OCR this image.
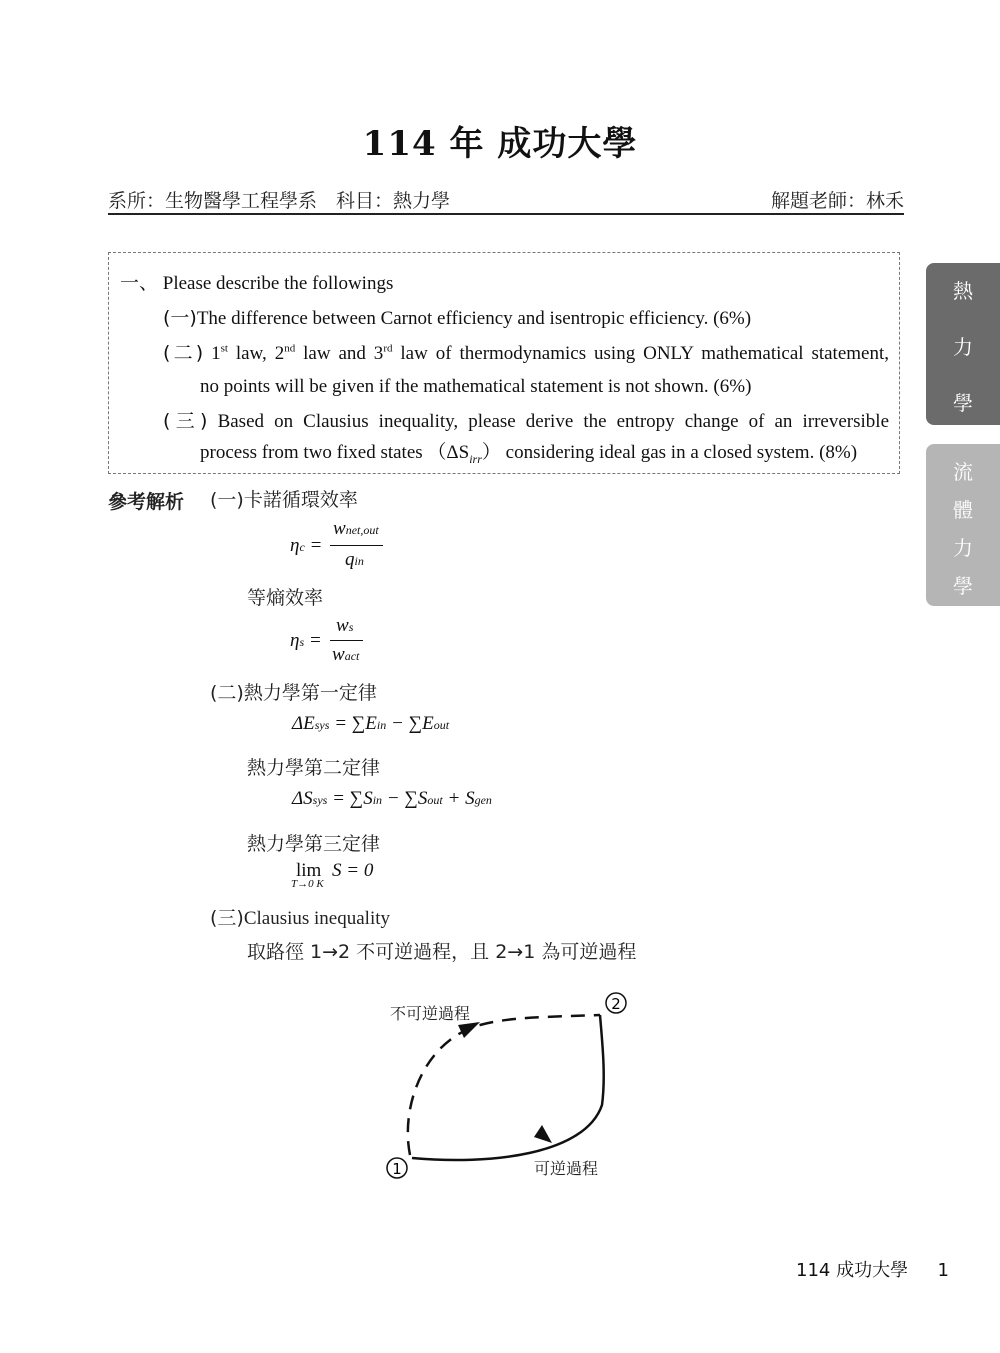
114 年 成功大學
系所：生物醫學工程學系　科目：熱力學	解題老師：林禾
熱
力
學
流
體
力
學
一、 Please describe the followings
(一)The difference between Carnot efficiency and isentropic efficiency. (6%)
(二) 1st law, 2nd law and 3rd law of thermodynamics using ONLY mathematical statement,
no points will be given if the mathematical statement is not shown. (6%)
(三) Based on Clausius inequality, please derive the entropy change of an irreversible
process from two fixed states $(\Delta S_{irr})$ considering ideal gas in a closed system. (8%)
參考解析 (一)卡諾循環效率
ηc =
wnet,out
qin
等熵效率
ηs =
ws
wact
(二)熱力學第一定律
ΔEsys = ∑Ein − ∑Eout
熱力學第二定律
ΔSsys = ∑Sin − ∑Sout + Sgen
熱力學第三定律
lim
T→0 K
S = 0
(三)Clausius inequality
取路徑 1→2 不可逆過程，且 2→1 為可逆過程
1
2
不可逆過程
可逆過程
114 成功大學 1
